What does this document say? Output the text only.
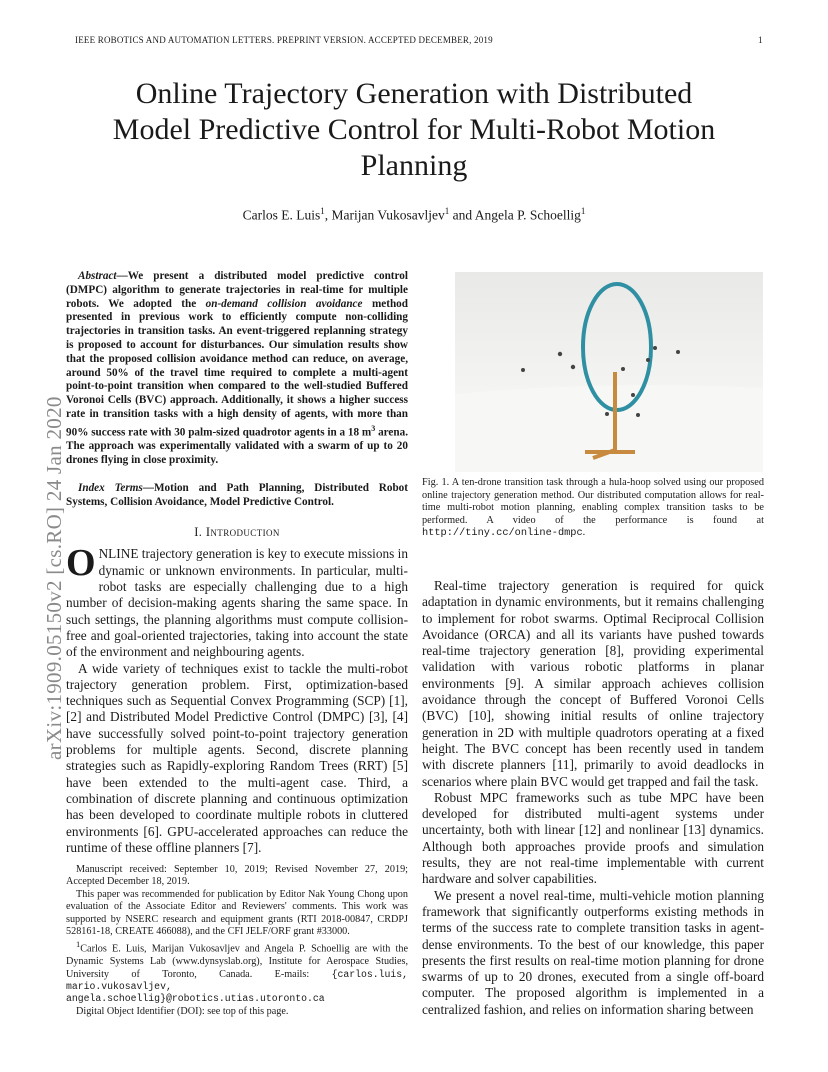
IEEE ROBOTICS AND AUTOMATION LETTERS. PREPRINT VERSION. ACCEPTED DECEMBER, 2019	1
Online Trajectory Generation with Distributed
Model Predictive Control for Multi-Robot Motion
Planning
Carlos E. Luis$^1$, Marijan Vukosavljev$^1$ and Angela P. Schoellig$^1$
arXiv:1909.05150v2 [cs.RO] 24 Jan 2020

Abstract—We present a distributed model predictive control (DMPC) algorithm to generate trajectories in real-time for multiple robots. We adopted the on-demand collision avoidance method presented in previous work to efficiently compute non-colliding trajectories in transition tasks. An event-triggered replanning strategy is proposed to account for disturbances. Our simulation results show that the proposed collision avoidance method can reduce, on average, around 50% of the travel time required to complete a multi-agent point-to-point transition when compared to the well-studied Buffered Voronoi Cells (BVC) approach. Additionally, it shows a higher success rate in transition tasks with a high density of agents, with more than 90% success rate with 30 palm-sized quadrotor agents in a 18 $m^3$ arena. The approach was experimentally validated with a swarm of up to 20 drones flying in close proximity.

Index Terms—Motion and Path Planning, Distributed Robot Systems, Collision Avoidance, Model Predictive Control.

I. Introduction

ONLINE trajectory generation is key to execute missions in dynamic or unknown environments. In particular, multi-robot tasks are especially challenging due to a high number of decision-making agents sharing the same space. In such settings, the planning algorithms must compute collision-free and goal-oriented trajectories, taking into account the state of the environment and neighbouring agents.

A wide variety of techniques exist to tackle the multi-robot trajectory generation problem. First, optimization-based techniques such as Sequential Convex Programming (SCP) [1], [2] and Distributed Model Predictive Control (DMPC) [3], [4] have successfully solved point-to-point trajectory generation problems for multiple agents. Second, discrete planning strategies such as Rapidly-exploring Random Trees (RRT) [5] have been extended to the multi-agent case. Third, a combination of discrete planning and continuous optimization has been developed to coordinate multiple robots in cluttered environments [6]. GPU-accelerated approaches can reduce the runtime of these offline planners [7].

Manuscript received: September 10, 2019; Revised November 27, 2019; Accepted December 18, 2019.

This paper was recommended for publication by Editor Nak Young Chong upon evaluation of the Associate Editor and Reviewers' comments. This work was supported by NSERC research and equipment grants (RTI 2018-00847, CRDPJ 528161-18, CREATE 466088), and the CFI JELF/ORF grant #33000.

$^1$Carlos E. Luis, Marijan Vukosavljev and Angela P. Schoellig are with the Dynamic Systems Lab (www.dynsyslab.org), Institute for Aerospace Studies, University of Toronto, Canada. E-mails: {carlos.luis, mario.vukosavljev, angela.schoellig}@robotics.utias.utoronto.ca

Digital Object Identifier (DOI): see top of this page.

Fig. 1. A ten-drone transition task through a hula-hoop solved using our proposed online trajectory generation method. Our distributed computation allows for real-time multi-robot motion planning, enabling complex transition tasks to be performed. A video of the performance is found at http://tiny.cc/online-dmpc.

Real-time trajectory generation is required for quick adaptation in dynamic environments, but it remains challenging to implement for robot swarms. Optimal Reciprocal Collision Avoidance (ORCA) and all its variants have pushed towards real-time trajectory generation [8], providing experimental validation with various robotic platforms in planar environments [9]. A similar approach achieves collision avoidance through the concept of Buffered Voronoi Cells (BVC) [10], showing initial results of online trajectory generation in 2D with multiple quadrotors operating at a fixed height. The BVC concept has been recently used in tandem with discrete planners [11], primarily to avoid deadlocks in scenarios where plain BVC would get trapped and fail the task.

Robust MPC frameworks such as tube MPC have been developed for distributed multi-agent systems under uncertainty, both with linear [12] and nonlinear [13] dynamics. Although both approaches provide proofs and simulation results, they are not real-time implementable with current hardware and solver capabilities.

We present a novel real-time, multi-vehicle motion planning framework that significantly outperforms existing methods in terms of the success rate to complete transition tasks in agent-dense environments. To the best of our knowledge, this paper presents the first results on real-time motion planning for drone swarms of up to 20 drones, executed from a single off-board computer. The proposed algorithm is implemented in a centralized fashion, and relies on information sharing between
